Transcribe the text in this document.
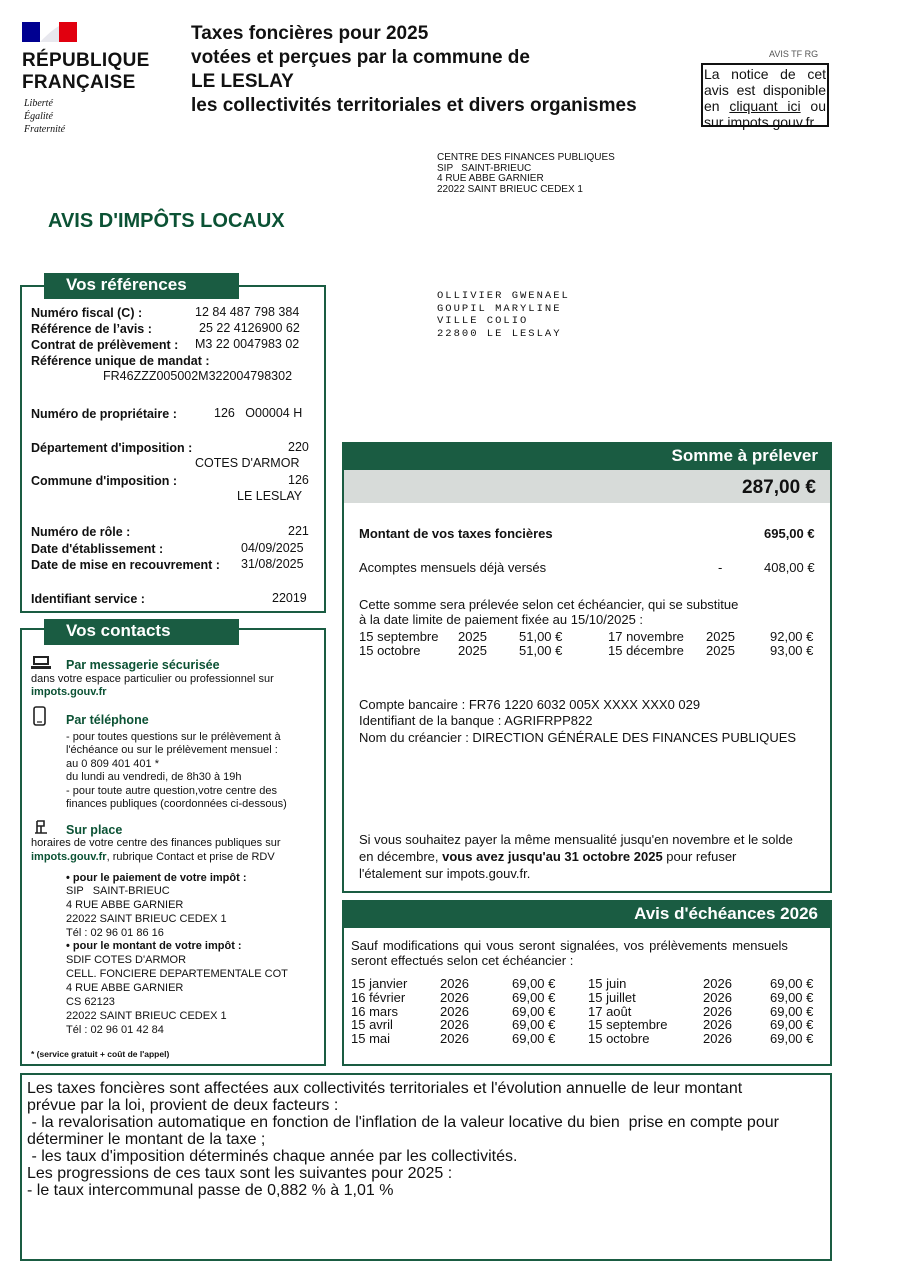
RÉPUBLIQUE
FRANÇAISE
Liberté
Égalité
Fraternité
Taxes foncières pour 2025
votées et perçues par la commune de
LE LESLAY
les collectivités territoriales et divers organismes
AVIS TF RG
La notice de cet avis est disponible en cliquant ici ou sur impots.gouv.fr
CENTRE DES FINANCES PUBLIQUES
SIP   SAINT-BRIEUC
4 RUE ABBE GARNIER
22022 SAINT BRIEUC CEDEX 1
AVIS D'IMPÔTS LOCAUX
OLLIVIER GWENAEL
GOUPIL MARYLINE
VILLE COLIO
22800 LE LESLAY
Vos références
Numéro fiscal (C) :	12 84 487 798 384
Référence de l’avis :	25 22 4126900 62
Contrat de prélèvement : M3 22 0047983 02
Référence unique de mandat :
FR46ZZZ005002M322004798302
Numéro de propriétaire :	126   O00004 H
Département d'imposition :	220
COTES D'ARMOR
Commune d'imposition :	126
LE LESLAY
Numéro de rôle :	221
Date d'établissement :	04/09/2025
Date de mise en recouvrement : 31/08/2025
Identifiant service :	22019
Vos contacts
Par messagerie sécurisée
dans votre espace particulier ou professionnel sur
impots.gouv.fr
Par téléphone
- pour toutes questions sur le prélèvement à
l'échéance ou sur le prélèvement mensuel :
au 0 809 401 401 *
du lundi au vendredi, de 8h30 à 19h
- pour toute autre question,votre centre des
finances publiques (coordonnées ci-dessous)
Sur place
horaires de votre centre des finances publiques sur
impots.gouv.fr, rubrique Contact et prise de RDV
• pour le paiement de votre impôt :
SIP   SAINT-BRIEUC
4 RUE ABBE GARNIER
22022 SAINT BRIEUC CEDEX 1
Tél : 02 96 01 86 16
• pour le montant de votre impôt :
SDIF COTES D'ARMOR
CELL. FONCIERE DEPARTEMENTALE COT
4 RUE ABBE GARNIER
CS 62123
22022 SAINT BRIEUC CEDEX 1
Tél : 02 96 01 42 84
* (service gratuit + coût de l'appel)
Somme à prélever
287,00 €
Montant de vos taxes foncières	695,00 €
Acomptes mensuels déjà versés	-	408,00 €
Cette somme sera prélevée selon cet échéancier, qui se substitue
à la date limite de paiement fixée au 15/10/2025 :
15 septembre 2025 51,00 €	17 novembre 2025	92,00 €
15 octobre	2025 51,00 €	15 décembre 2025	93,00 €
Compte bancaire : FR76 1220 6032 005X XXXX XXX0 029
Identifiant de la banque : AGRIFRPP822
Nom du créancier : DIRECTION GÉNÉRALE DES FINANCES PUBLIQUES
Si vous souhaitez payer la même mensualité jusqu'en novembre et le solde
en décembre, vous avez jusqu'au 31 octobre 2025 pour refuser
l'étalement sur impots.gouv.fr.
Avis d'échéances 2026
Sauf modifications qui vous seront signalées, vos prélèvements mensuels
seront effectués selon cet échéancier :
15 janvier	2026	69,00 €	15 juin	2026	69,00 €
16 février	2026	69,00 €	15 juillet	2026	69,00 €
16 mars	2026	69,00 €	17 août	2026	69,00 €
15 avril	2026	69,00 €	15 septembre	2026	69,00 €
15 mai	2026	69,00 €	15 octobre	2026	69,00 €
Les taxes foncières sont affectées aux collectivités territoriales et l'évolution annuelle de leur montant
prévue par la loi, provient de deux facteurs :
- la revalorisation automatique en fonction de l'inflation de la valeur locative du bien  prise en compte pour
déterminer le montant de la taxe ;
- les taux d'imposition déterminés chaque année par les collectivités.
Les progressions de ces taux sont les suivantes pour 2025 :
- le taux intercommunal passe de 0,882 % à 1,01 %
